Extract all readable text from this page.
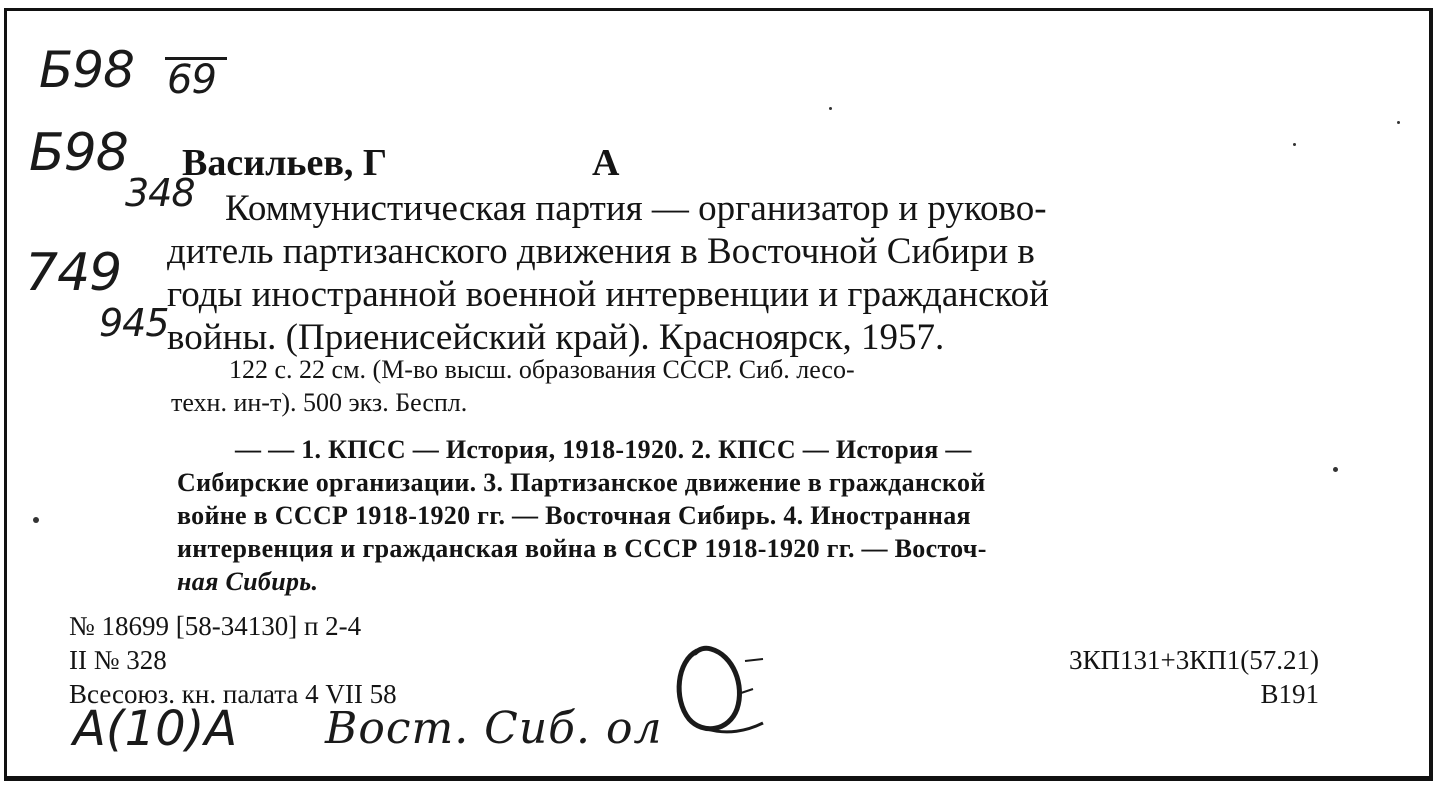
Б98 69
Б98
348
749
945
Васильев, Г	А
Коммунистическая партия — организатор и руково-
дитель партизанского движения в Восточной Сибири в
годы иностранной военной интервенции и гражданской
войны. (Приенисейский край). Красноярск, 1957.
122 с. 22 см. (М-во высш. образования СССР. Сиб. лесо-
техн. ин-т). 500 экз. Беспл.
— — 1. КПСС — История, 1918-1920. 2. КПСС — История —
Сибирские организации. 3. Партизанское движение в гражданской
войне в СССР 1918-1920 гг. — Восточная Сибирь. 4. Иностранная
интервенция и гражданская война в СССР 1918-1920 гг. — Восточ-
ная Сибирь.
№ 18699 [58-34130] п 2-4
II № 328
Всесоюз. кн. палата 4 VII 58
3КП131+3КП1(57.21)
В191
А(10)А Вост. Сиб. ол
